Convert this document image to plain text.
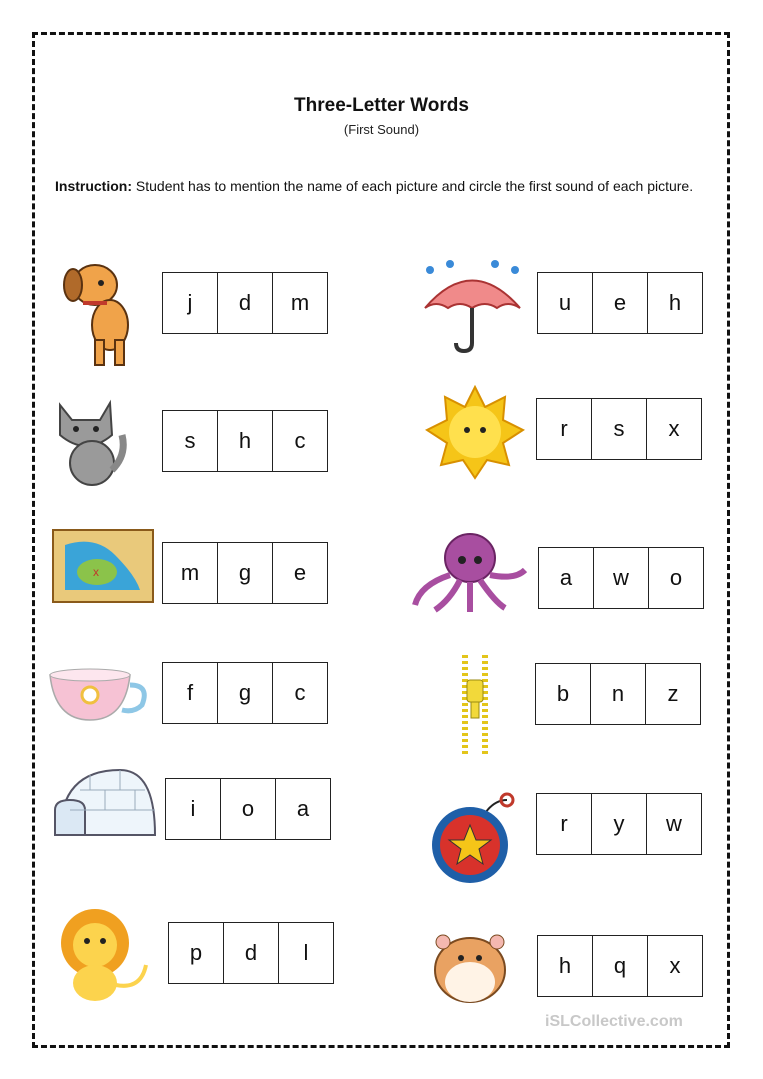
Three-Letter Words
(First Sound)
Instruction: Student has to mention the name of each picture and circle the first sound of each picture.
x
j	d	m
s	h	c
m	g	e
f	g	c
i	o	a
p	d	l
u	e	h
r	s	x
a	w	o
b	n	z
r	y	w
h	q	x
iSLCollective.com
